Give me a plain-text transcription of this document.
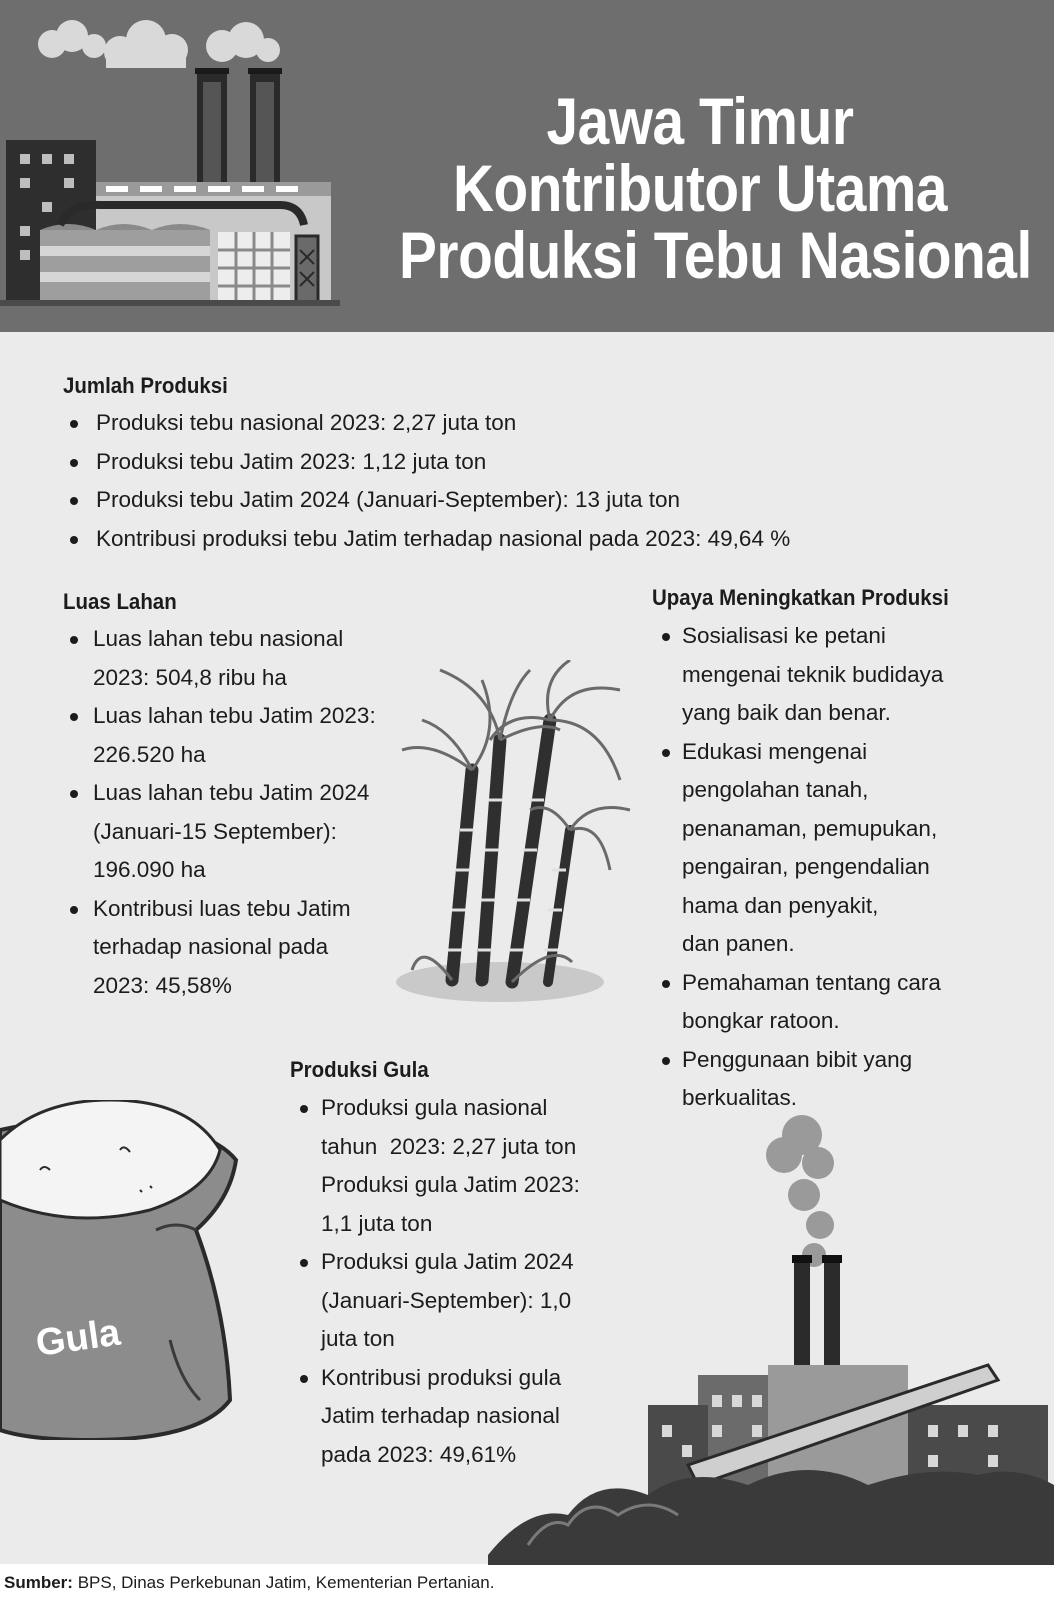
Jawa Timur
Kontributor Utama
Produksi Tebu Nasional
Jumlah Produksi
Produksi tebu nasional 2023: 2,27 juta ton
Produksi tebu Jatim 2023: 1,12 juta ton
Produksi tebu Jatim 2024 (Januari-September): 13 juta ton
Kontribusi produksi tebu Jatim terhadap nasional pada 2023: 49,64 %
Luas Lahan
Luas lahan tebu nasional
2023: 504,8 ribu ha
Luas lahan tebu Jatim 2023:
226.520 ha
Luas lahan tebu Jatim 2024
(Januari-15 September):
196.090 ha
Kontribusi luas tebu Jatim
terhadap nasional pada
2023: 45,58%
Upaya Meningkatkan Produksi
Sosialisasi ke petani
mengenai teknik budidaya
yang baik dan benar.
Edukasi mengenai
pengolahan tanah,
penanaman, pemupukan,
pengairan, pengendalian
hama dan penyakit,
dan panen.
Pemahaman tentang cara
bongkar ratoon.
Penggunaan bibit yang
berkualitas.
Produksi Gula
Produksi gula nasional
tahun  2023: 2,27 juta ton
Produksi gula Jatim 2023:
1,1 juta ton
Produksi gula Jatim 2024
(Januari-September): 1,0
juta ton
Kontribusi produksi gula
Jatim terhadap nasional
pada 2023: 49,61%
Gula
Sumber: BPS, Dinas Perkebunan Jatim, Kementerian Pertanian.
